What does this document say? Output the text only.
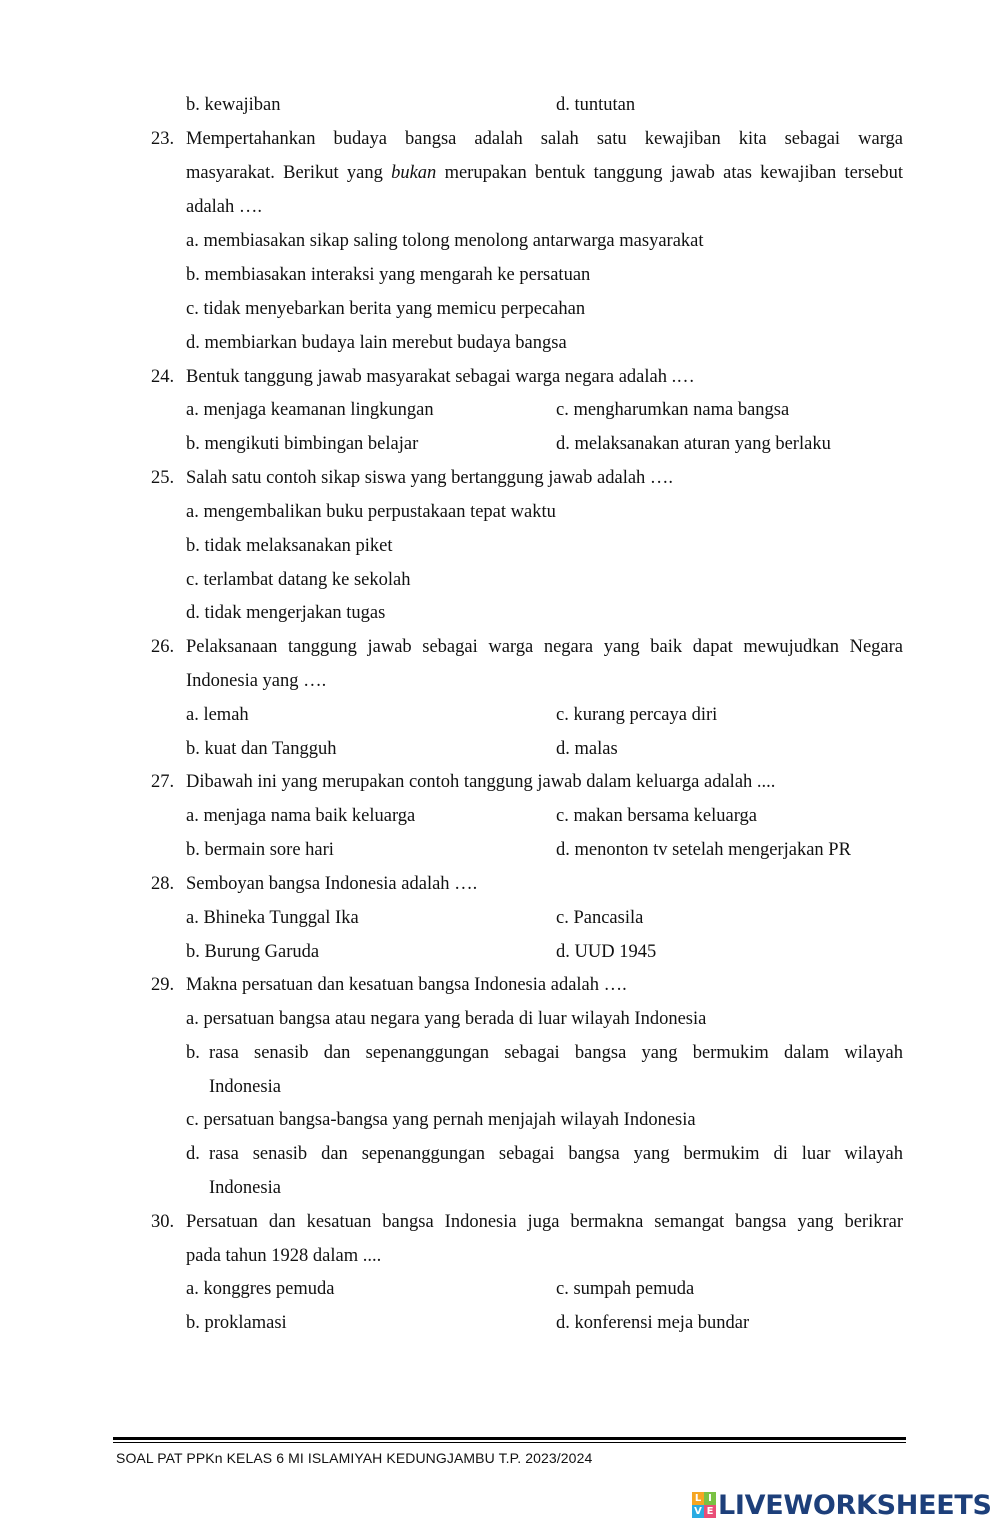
b. kewajiban	d. tuntutan
23. Mempertahankan budaya bangsa adalah salah satu kewajiban kita sebagai warga
masyarakat. Berikut yang bukan merupakan bentuk tanggung jawab atas kewajiban tersebut
adalah ….
a. membiasakan sikap saling tolong menolong antarwarga masyarakat
b. membiasakan interaksi yang mengarah ke persatuan
c. tidak menyebarkan berita yang memicu perpecahan
d. membiarkan budaya lain merebut budaya bangsa
24. Bentuk tanggung jawab masyarakat sebagai warga negara adalah .…
a. menjaga keamanan lingkungan	c. mengharumkan nama bangsa
b. mengikuti bimbingan belajar	d. melaksanakan aturan yang berlaku
25. Salah satu contoh sikap siswa yang bertanggung jawab adalah ….
a. mengembalikan buku perpustakaan tepat waktu
b. tidak melaksanakan piket
c. terlambat datang ke sekolah
d. tidak mengerjakan tugas
26. Pelaksanaan tanggung jawab sebagai warga negara yang baik dapat mewujudkan Negara
Indonesia yang ….
a. lemah	c. kurang percaya diri
b. kuat dan Tangguh	d. malas
27. Dibawah ini yang merupakan contoh tanggung jawab dalam keluarga adalah ....
a. menjaga nama baik keluarga	c. makan bersama keluarga
b. bermain sore hari	d. menonton tv setelah mengerjakan PR
28. Semboyan bangsa Indonesia adalah ….
a. Bhineka Tunggal Ika	c. Pancasila
b. Burung Garuda	d. UUD 1945
29. Makna persatuan dan kesatuan bangsa Indonesia adalah ….
a. persatuan bangsa atau negara yang berada di luar wilayah Indonesia
b. rasa senasib dan sepenanggungan sebagai bangsa yang bermukim dalam wilayah
Indonesia
c. persatuan bangsa-bangsa yang pernah menjajah wilayah Indonesia
d. rasa senasib dan sepenanggungan sebagai bangsa yang bermukim di luar wilayah
Indonesia
30. Persatuan dan kesatuan bangsa Indonesia juga bermakna semangat bangsa yang berikrar
pada tahun 1928 dalam ....
a. konggres pemuda	c. sumpah pemuda
b. proklamasi	d. konferensi meja bundar
SOAL PAT PPKn KELAS 6 MI ISLAMIYAH KEDUNGJAMBU T.P. 2023/2024
L I
V E LIVEWORKSHEETS
